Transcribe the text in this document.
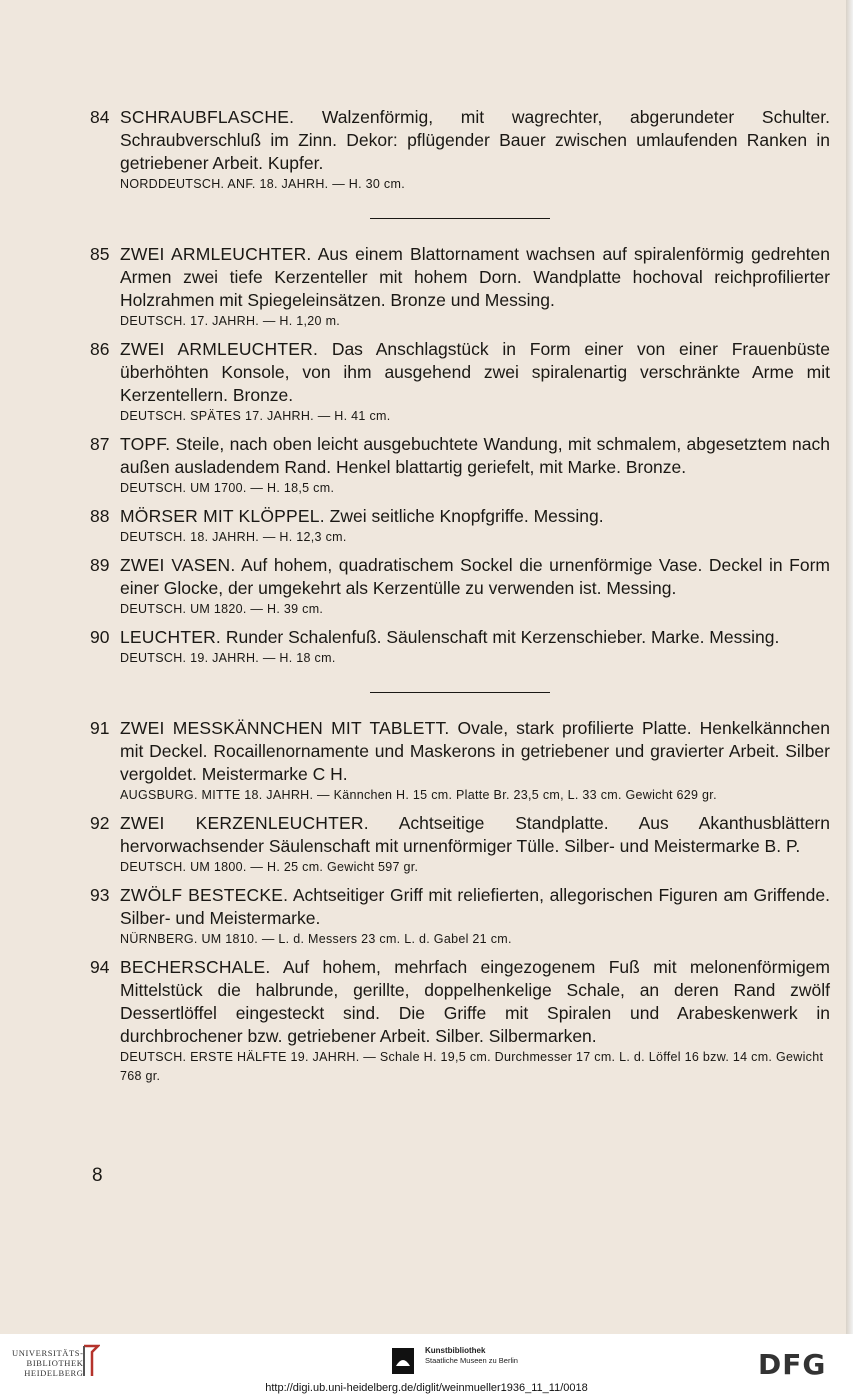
84 SCHRAUBFLASCHE. Walzenförmig, mit wagrechter, abgerundeter Schulter. Schraubverschluß im Zinn. Dekor: pflügender Bauer zwischen umlaufenden Ranken in getriebener Arbeit. Kupfer.

NORDDEUTSCH. ANF. 18. JAHRH. — H. 30 cm.

85 ZWEI ARMLEUCHTER. Aus einem Blattornament wachsen auf spiralenförmig gedrehten Armen zwei tiefe Kerzenteller mit hohem Dorn. Wandplatte hochoval reichprofilierter Holzrahmen mit Spiegeleinsätzen. Bronze und Messing.

DEUTSCH. 17. JAHRH. — H. 1,20 m.

86 ZWEI ARMLEUCHTER. Das Anschlagstück in Form einer von einer Frauenbüste überhöhten Konsole, von ihm ausgehend zwei spiralenartig verschränkte Arme mit Kerzentellern. Bronze.

DEUTSCH. SPÄTES 17. JAHRH. — H. 41 cm.

87 TOPF. Steile, nach oben leicht ausgebuchtete Wandung, mit schmalem, abgesetztem nach außen ausladendem Rand. Henkel blattartig geriefelt, mit Marke. Bronze.

DEUTSCH. UM 1700. — H. 18,5 cm.

88 MÖRSER MIT KLÖPPEL. Zwei seitliche Knopfgriffe. Messing.

DEUTSCH. 18. JAHRH. — H. 12,3 cm.

89 ZWEI VASEN. Auf hohem, quadratischem Sockel die urnenförmige Vase. Deckel in Form einer Glocke, der umgekehrt als Kerzentülle zu verwenden ist. Messing.

DEUTSCH. UM 1820. — H. 39 cm.

90 LEUCHTER. Runder Schalenfuß. Säulenschaft mit Kerzenschieber. Marke. Messing.

DEUTSCH. 19. JAHRH. — H. 18 cm.

91 ZWEI MESSKÄNNCHEN MIT TABLETT. Ovale, stark profilierte Platte. Henkelkännchen mit Deckel. Rocaillenornamente und Maskerons in getriebener und gravierter Arbeit. Silber vergoldet. Meistermarke C H.

AUGSBURG. MITTE 18. JAHRH. — Kännchen H. 15 cm. Platte Br. 23,5 cm, L. 33 cm. Gewicht 629 gr.

92 ZWEI KERZENLEUCHTER. Achtseitige Standplatte. Aus Akanthusblättern hervorwachsender Säulenschaft mit urnenförmiger Tülle. Silber- und Meistermarke B. P.

DEUTSCH. UM 1800. — H. 25 cm. Gewicht 597 gr.

93 ZWÖLF BESTECKE. Achtseitiger Griff mit reliefierten, allegorischen Figuren am Griffende. Silber- und Meistermarke.

NÜRNBERG. UM 1810. — L. d. Messers 23 cm. L. d. Gabel 21 cm.

94 BECHERSCHALE. Auf hohem, mehrfach eingezogenem Fuß mit melonenförmigem Mittelstück die halbrunde, gerillte, doppelhenkelige Schale, an deren Rand zwölf Dessertlöffel eingesteckt sind. Die Griffe mit Spiralen und Arabeskenwerk in durchbrochener bzw. getriebener Arbeit. Silber. Silbermarken.

DEUTSCH. ERSTE HÄLFTE 19. JAHRH. — Schale H. 19,5 cm. Durchmesser 17 cm. L. d. Löffel 16 bzw. 14 cm. Gewicht 768 gr.

8
UNIVERSITÄTS-
BIBLIOTHEK
HEIDELBERG
Kunstbibliothek
Staatliche Museen zu Berlin	DFG
http://digi.ub.uni-heidelberg.de/diglit/weinmueller1936_11_11/0018
